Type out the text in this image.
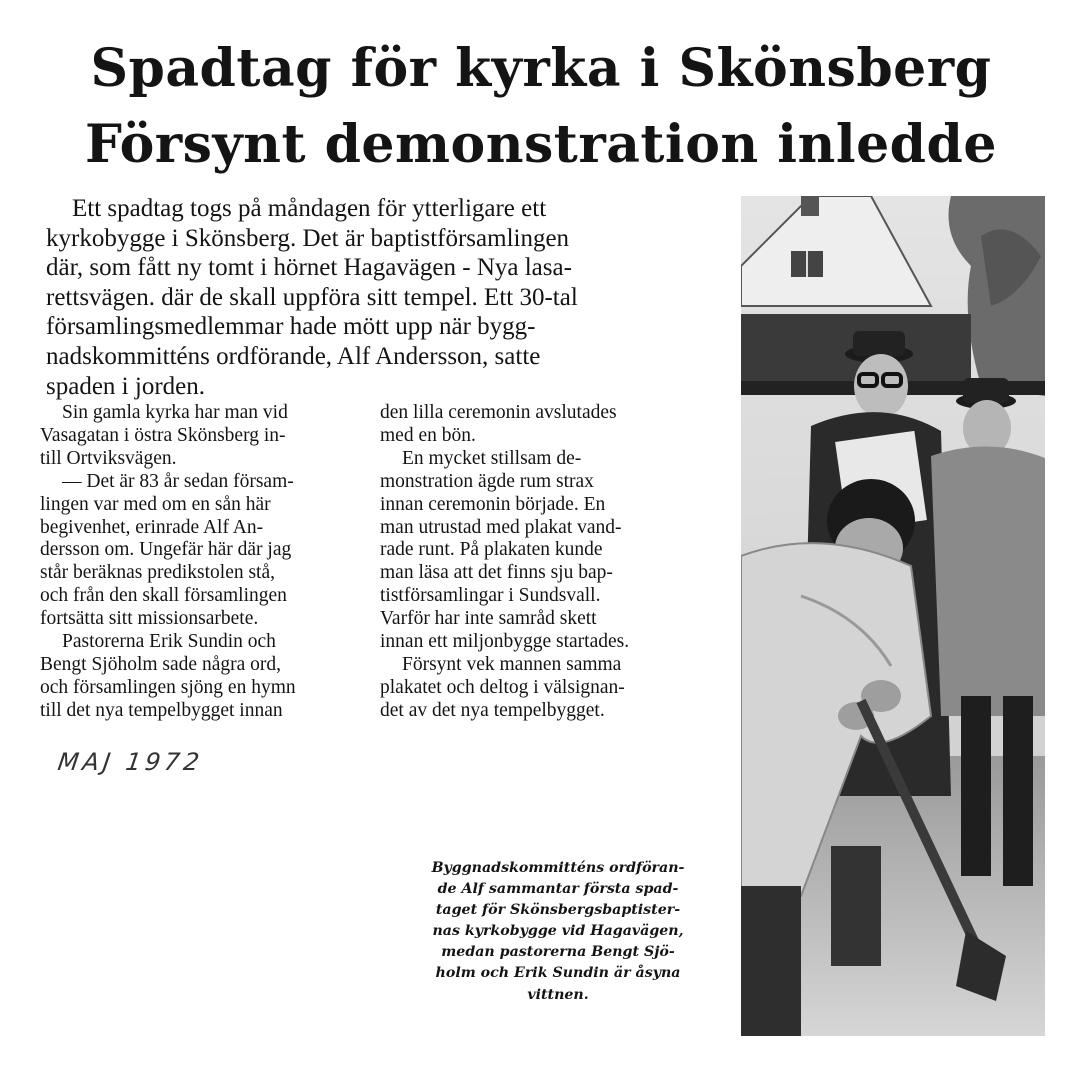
Spadtag för kyrka i Skönsberg
Försynt demonstration inledde
Ett spadtag togs på måndagen för ytterligare ett
kyrkobygge i Skönsberg. Det är baptistförsamlingen
där, som fått ny tomt i hörnet Hagavägen - Nya lasa-
rettsvägen. där de skall uppföra sitt tempel. Ett 30-tal
församlingsmedlemmar hade mött upp när bygg-
nadskommitténs ordförande, Alf Andersson, satte
spaden i jorden.
Sin gamla kyrka har man vid
Vasagatan i östra Skönsberg in-
till Ortviksvägen.
— Det är 83 år sedan försam-
lingen var med om en sån här
begivenhet, erinrade Alf An-
dersson om. Ungefär här där jag
står beräknas predikstolen stå,
och från den skall församlingen
fortsätta sitt missionsarbete.
Pastorerna Erik Sundin och
Bengt Sjöholm sade några ord,
och församlingen sjöng en hymn
till det nya tempelbygget innan
den lilla ceremonin avslutades
med en bön.
En mycket stillsam de-
monstration ägde rum strax
innan ceremonin började. En
man utrustad med plakat vand-
rade runt. På plakaten kunde
man läsa att det finns sju bap-
tistförsamlingar i Sundsvall.
Varför har inte samråd skett
innan ett miljonbygge startades.
Försynt vek mannen samma
plakatet och deltog i välsignan-
det av det nya tempelbygget.
MAJ 1972
Byggnadskommitténs ordföran-
de Alf sammantar första spad-
taget för Skönsbergsbaptister-
nas kyrkobygge vid Hagavägen,
medan pastorerna Bengt Sjö-
holm och Erik Sundin är åsyna
vittnen.
